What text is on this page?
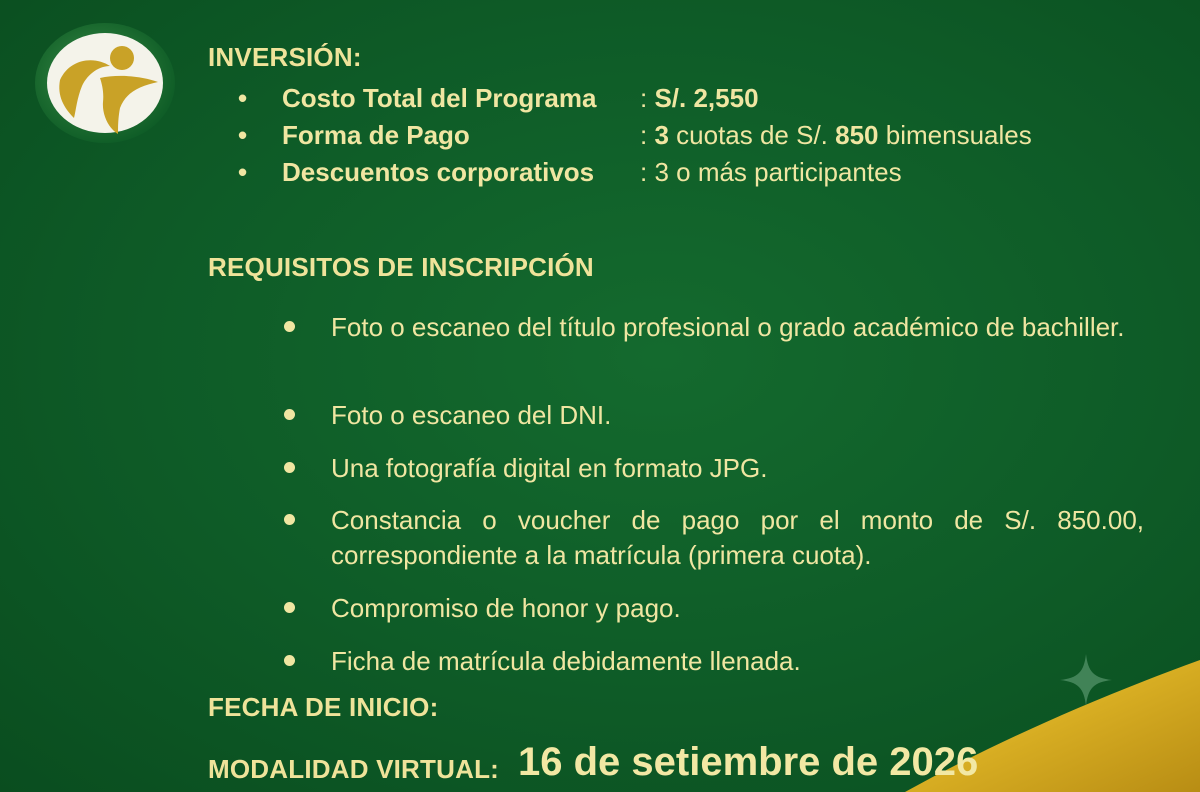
INVERSIÓN:
• Costo Total del Programa : S/. 2,550
• Forma de Pago	: 3 cuotas de S/. 850 bimensuales
• Descuentos corporativos : 3 o más participantes
REQUISITOS DE INSCRIPCIÓN
Foto o escaneo del título profesional o grado académico de bachiller.
Foto o escaneo del DNI.
Una fotografía digital en formato JPG.
Constancia o voucher de pago por el monto de S/. 850.00, correspondiente a la matrícula (primera cuota).
Compromiso de honor y pago.
Ficha de matrícula debidamente llenada.
FECHA DE INICIO:
MODALIDAD VIRTUAL: 16 de setiembre de 2026
